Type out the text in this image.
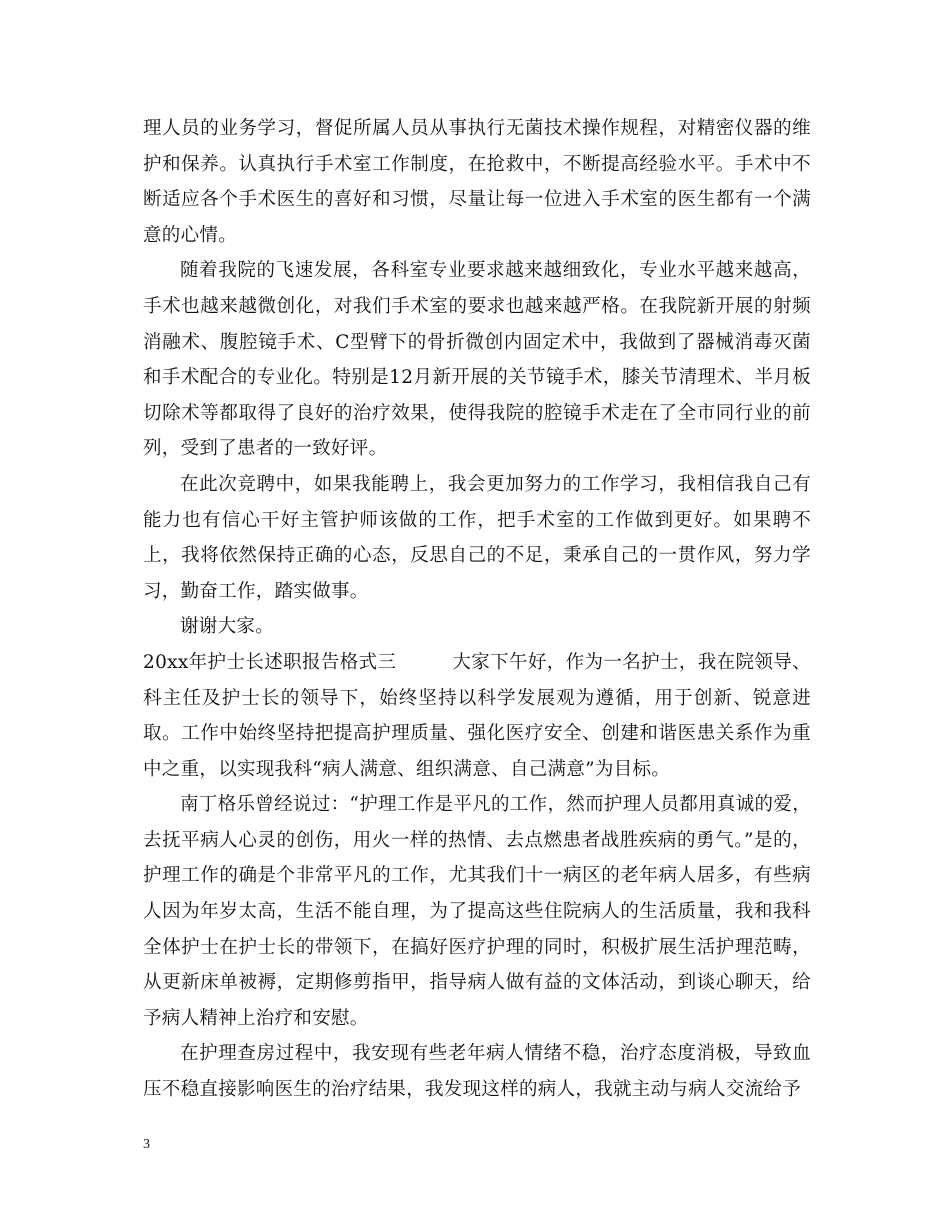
理人员的业务学习，督促所属人员从事执行无菌技术操作规程，对精密仪器的维护和保养。认真执行手术室工作制度，在抢救中，不断提高经验水平。手术中不断适应各个手术医生的喜好和习惯，尽量让每一位进入手术室的医生都有一个满意的心情。

随着我院的飞速发展，各科室专业要求越来越细致化，专业水平越来越高，手术也越来越微创化，对我们手术室的要求也越来越严格。在我院新开展的射频消融术、腹腔镜手术、C型臂下的骨折微创内固定术中，我做到了器械消毒灭菌和手术配合的专业化。特别是12月新开展的关节镜手术，膝关节清理术、半月板切除术等都取得了良好的治疗效果，使得我院的腔镜手术走在了全市同行业的前列，受到了患者的一致好评。

在此次竞聘中，如果我能聘上，我会更加努力的工作学习，我相信我自己有能力也有信心干好主管护师该做的工作，把手术室的工作做到更好。如果聘不上，我将依然保持正确的心态，反思自己的不足，秉承自己的一贯作风，努力学习，勤奋工作，踏实做事。

谢谢大家。

20xx年护士长述职报告格式三	大家下午好，作为一名护士，我在院领导、科主任及护士长的领导下，始终坚持以科学发展观为遵循，用于创新、锐意进取。工作中始终坚持把提高护理质量、强化医疗安全、创建和谐医患关系作为重中之重，以实现我科“病人满意、组织满意、自己满意”为目标。

南丁格乐曾经说过：“护理工作是平凡的工作，然而护理人员都用真诚的爱，去抚平病人心灵的创伤，用火一样的热情、去点燃患者战胜疾病的勇气。”是的，护理工作的确是个非常平凡的工作，尤其我们十一病区的老年病人居多，有些病人因为年岁太高，生活不能自理，为了提高这些住院病人的生活质量，我和我科全体护士在护士长的带领下，在搞好医疗护理的同时，积极扩展生活护理范畴，从更新床单被褥，定期修剪指甲，指导病人做有益的文体活动，到谈心聊天，给予病人精神上治疗和安慰。

在护理查房过程中，我安现有些老年病人情绪不稳，治疗态度消极，导致血压不稳直接影响医生的治疗结果，我发现这样的病人，我就主动与病人交流给予

3
